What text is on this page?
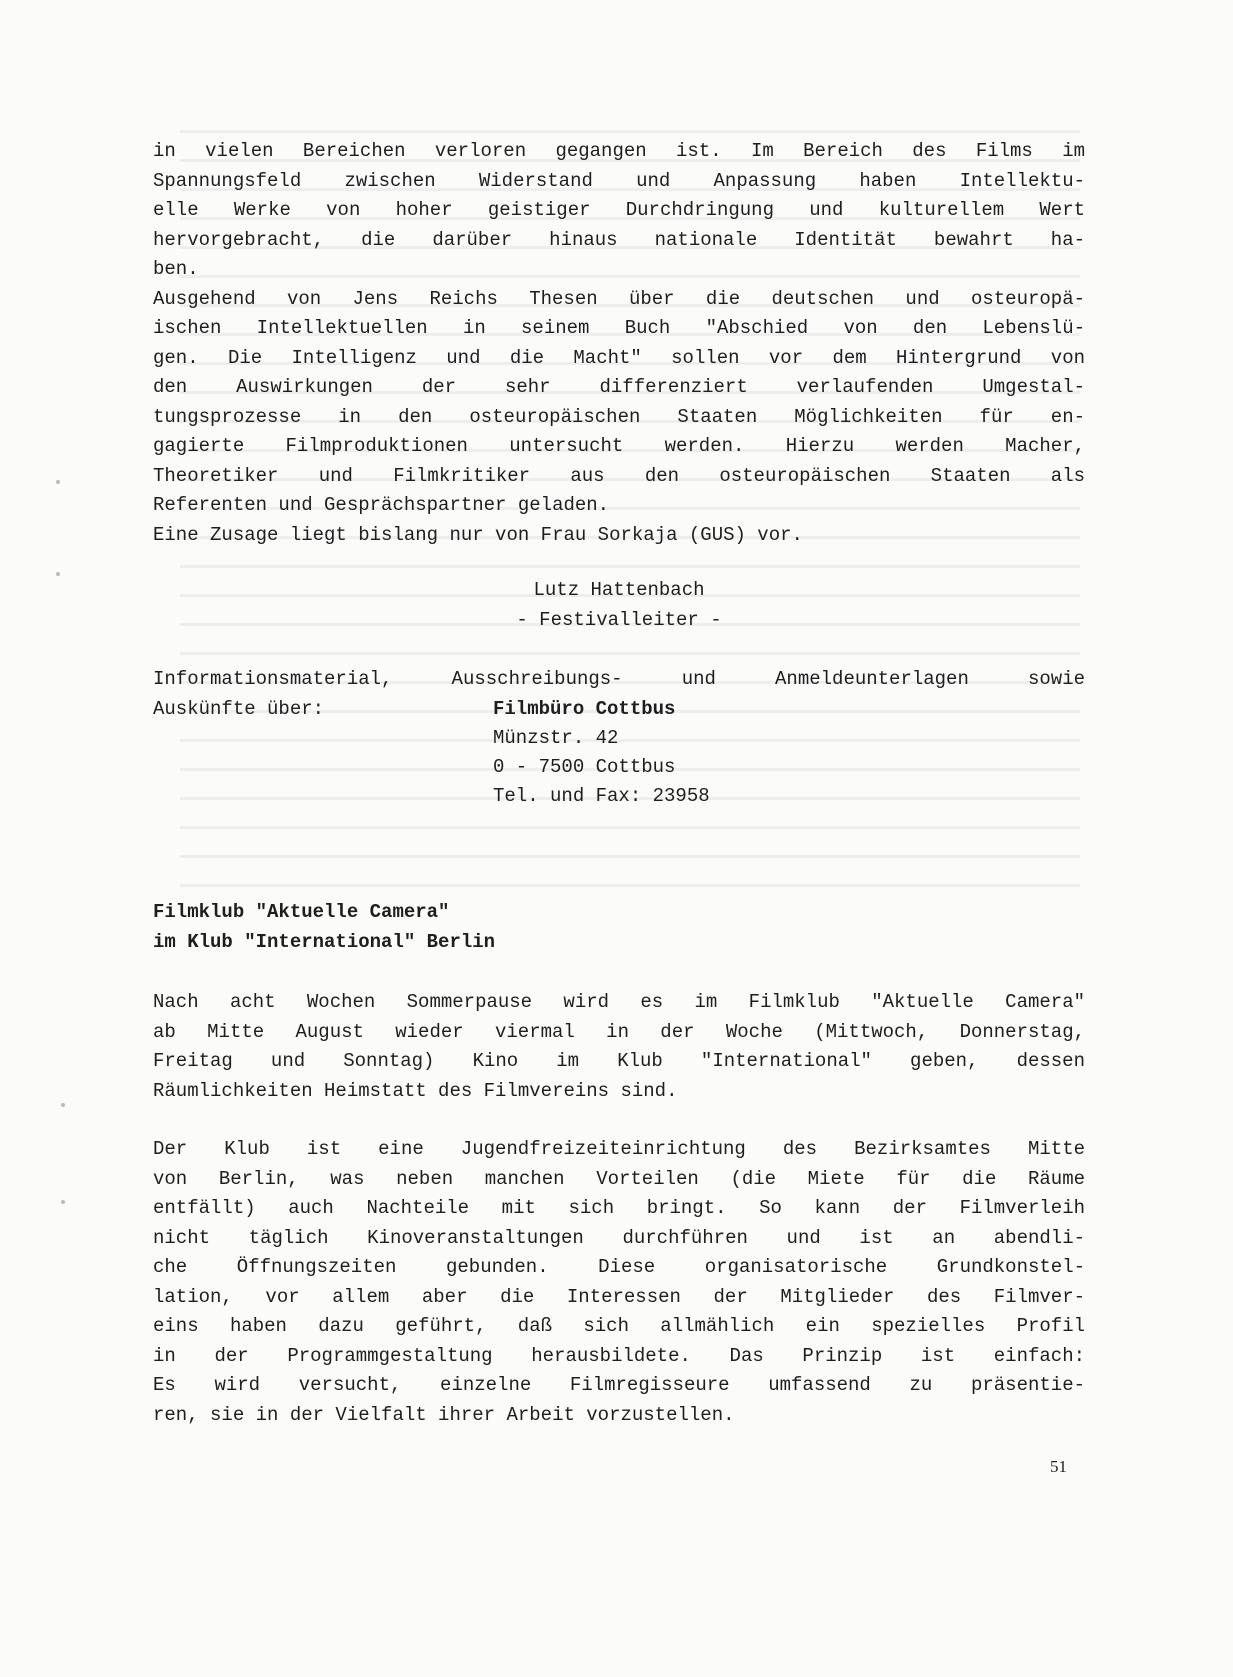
in vielen Bereichen verloren gegangen ist. Im Bereich des Films im
Spannungsfeld zwischen Widerstand und Anpassung haben Intellektu-
elle Werke von hoher geistiger Durchdringung und kulturellem Wert
hervorgebracht, die darüber hinaus nationale Identität bewahrt ha-
ben.
Ausgehend von Jens Reichs Thesen über die deutschen und osteuropä-
ischen Intellektuellen in seinem Buch "Abschied von den Lebenslü-
gen. Die Intelligenz und die Macht" sollen vor dem Hintergrund von
den Auswirkungen der sehr differenziert verlaufenden Umgestal-
tungsprozesse in den osteuropäischen Staaten Möglichkeiten für en-
gagierte Filmproduktionen untersucht werden. Hierzu werden Macher,
Theoretiker und Filmkritiker aus den osteuropäischen Staaten als
Referenten und Gesprächspartner geladen.
Eine Zusage liegt bislang nur von Frau Sorkaja (GUS) vor.
Lutz Hattenbach
- Festivalleiter -
Informationsmaterial, Ausschreibungs- und Anmeldeunterlagen sowie
Auskünfte über:	Filmbüro Cottbus
Münzstr. 42
0 - 7500 Cottbus
Tel. und Fax: 23958
Filmklub "Aktuelle Camera"
im Klub "International" Berlin
Nach acht Wochen Sommerpause wird es im Filmklub "Aktuelle Camera"
ab Mitte August wieder viermal in der Woche (Mittwoch, Donnerstag,
Freitag und Sonntag) Kino im Klub "International" geben, dessen
Räumlichkeiten Heimstatt des Filmvereins sind.
Der Klub ist eine Jugendfreizeiteinrichtung des Bezirksamtes Mitte
von Berlin, was neben manchen Vorteilen (die Miete für die Räume
entfällt) auch Nachteile mit sich bringt. So kann der Filmverleih
nicht täglich Kinoveranstaltungen durchführen und ist an abendli-
che Öffnungszeiten gebunden. Diese organisatorische Grundkonstel-
lation, vor allem aber die Interessen der Mitglieder des Filmver-
eins haben dazu geführt, daß sich allmählich ein spezielles Profil
in der Programmgestaltung herausbildete. Das Prinzip ist einfach:
Es wird versucht, einzelne Filmregisseure umfassend zu präsentie-
ren, sie in der Vielfalt ihrer Arbeit vorzustellen.
51
